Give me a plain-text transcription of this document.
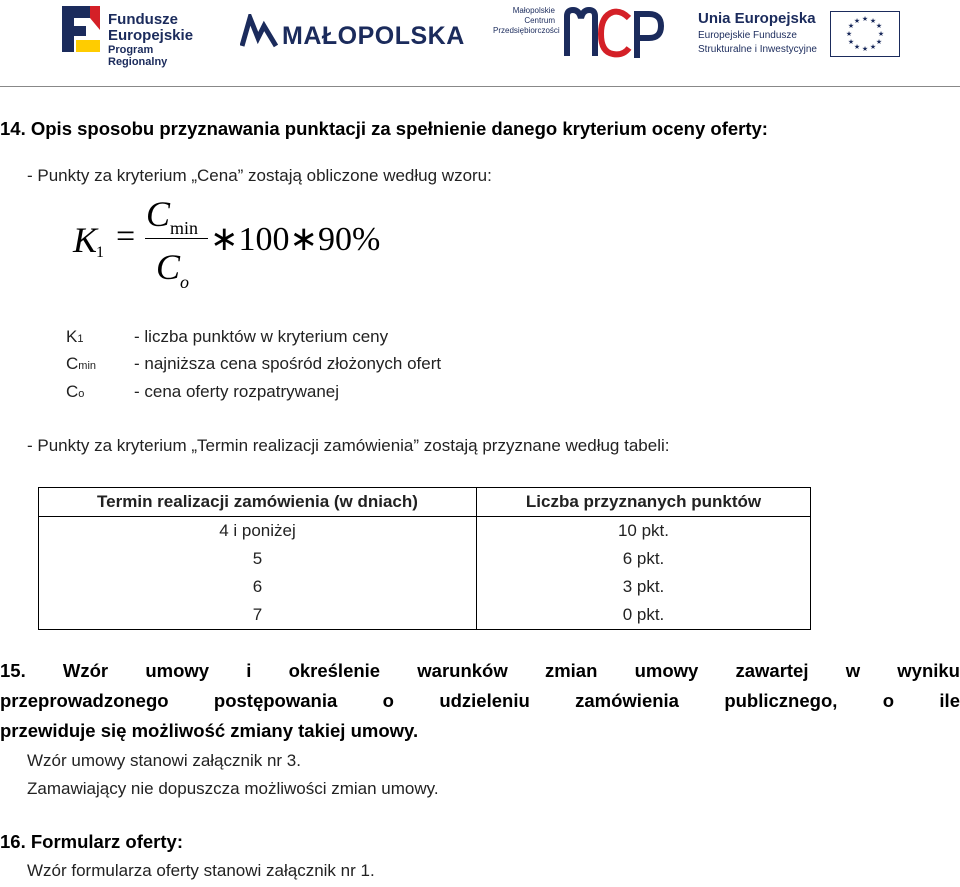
Fundusze
Europejskie
Program Regionalny
MAŁOPOLSKA
Małopolskie
Centrum
Przedsiębiorczości
Unia Europejska
Europejskie Fundusze
Strukturalne i Inwestycyjne
★ ★
★
★
★
★
★
★
★
★
★
★
14. Opis sposobu przyznawania punktacji za spełnienie danego kryterium oceny oferty:
- Punkty za kryterium „Cena” zostają obliczone według wzoru:
K
1 =
C min
C o
∗100∗90%
K1	- liczba punktów w kryterium ceny
Cmin - najniższa cena spośród złożonych ofert
Co	- cena oferty rozpatrywanej
- Punkty za kryterium „Termin realizacji zamówienia” zostają przyznane według tabeli:
Termin realizacji zamówienia (w dniach)	Liczba przyznanych punktów
4 i poniżej	10 pkt.
5	6 pkt.
6	3 pkt.
7	0 pkt.
15. Wzór umowy i określenie warunków zmian umowy zawartej w wyniku
przeprowadzonego postępowania o udzieleniu zamówienia publicznego, o ile
przewiduje się możliwość zmiany takiej umowy.
Wzór umowy stanowi załącznik nr 3.
Zamawiający nie dopuszcza możliwości zmian umowy.
16. Formularz oferty:
Wzór formularza oferty stanowi załącznik nr 1.
